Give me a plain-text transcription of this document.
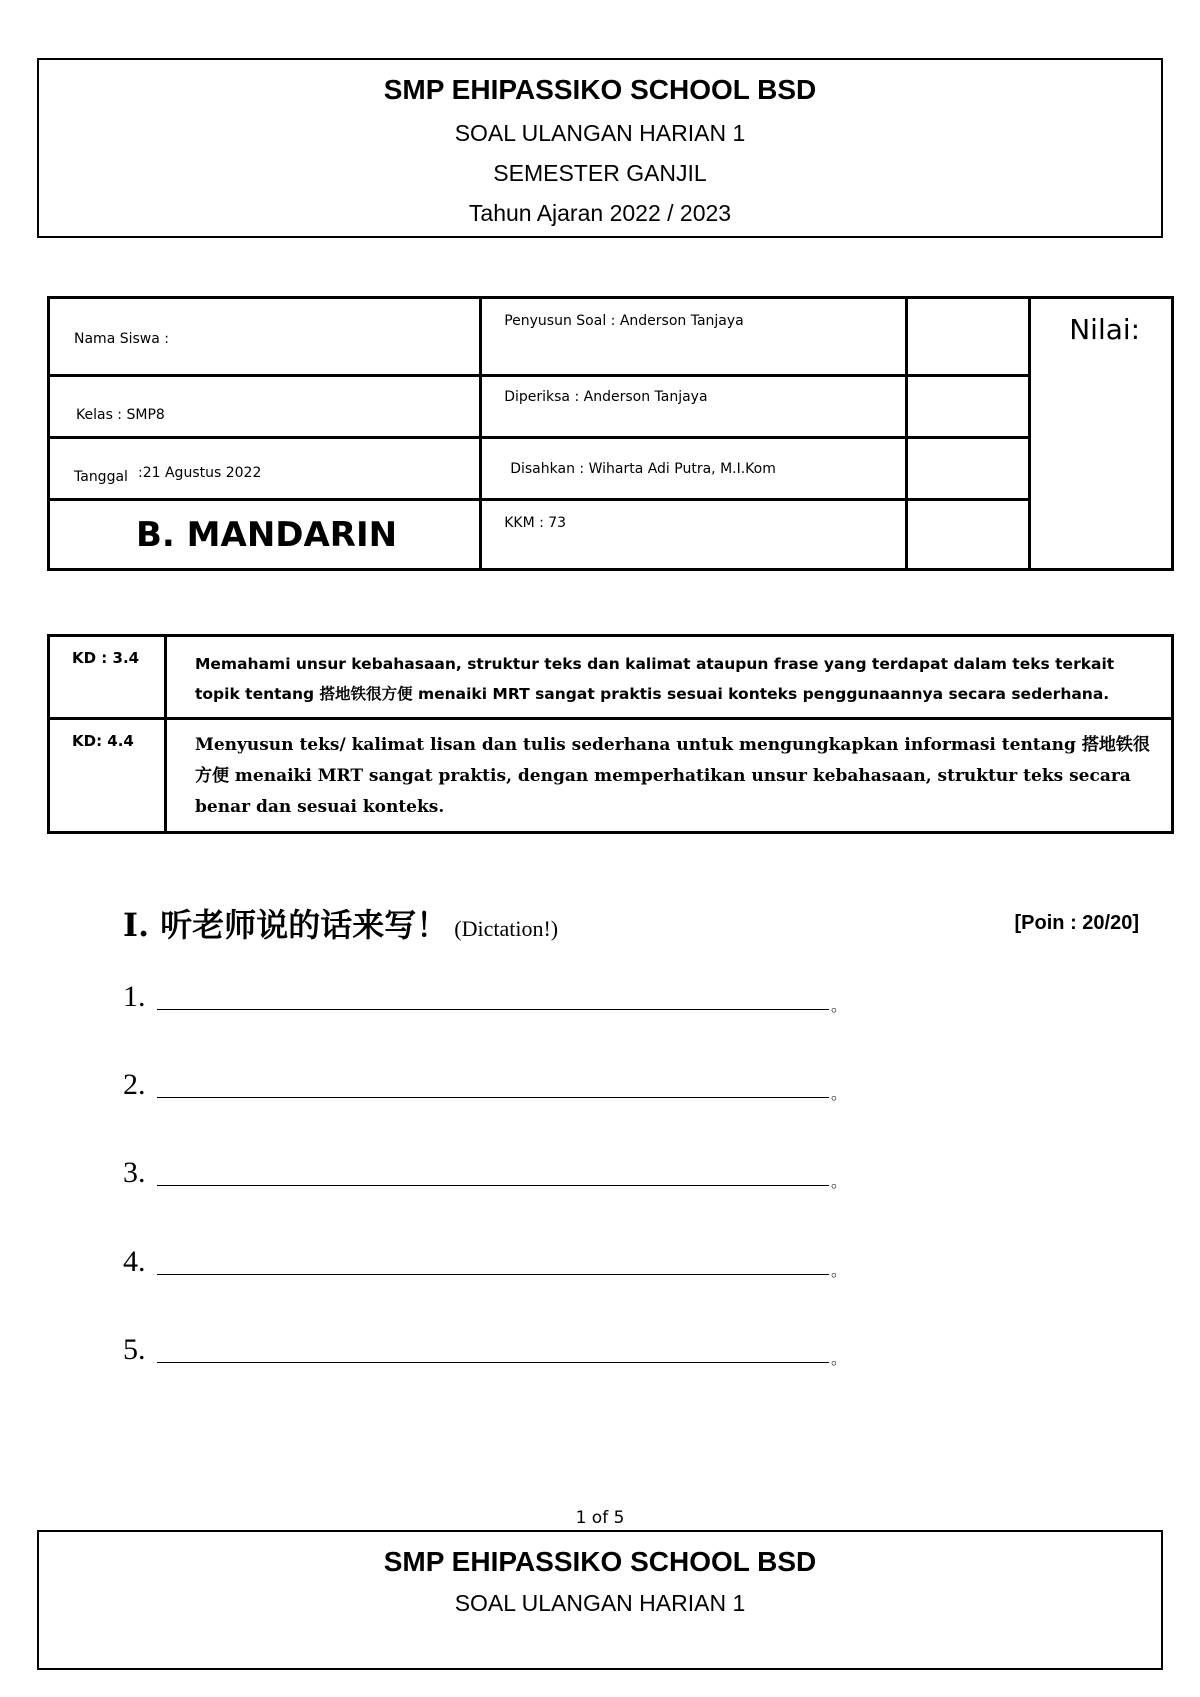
SMP EHIPASSIKO SCHOOL BSD
SOAL ULANGAN HARIAN 1
SEMESTER GANJIL
Tahun Ajaran 2022 / 2023
Nama Siswa :	Penyusun Soal : Anderson Tanjaya		Nilai:

Kelas : SMP8	Diperiksa : Anderson Tanjaya		

Tanggal :21 Agustus 2022	Disahkan : Wiharta Adi Putra, M.I.Kom		

B. MANDARIN	KKM : 73		

KD : 3.4	Memahami unsur kebahasaan, struktur teks dan kalimat ataupun frase yang terdapat dalam teks terkait topik tentang 搭地铁很方便 menaiki MRT sangat praktis sesuai konteks penggunaannya secara sederhana.

KD: 4.4	Menyusun teks/ kalimat lisan dan tulis sederhana untuk mengungkapkan informasi tentang 搭地铁很方便 menaiki MRT sangat praktis, dengan memperhatikan unsur kebahasaan, struktur teks secara benar dan sesuai konteks.
I. 听老师说的话来写！ (Dictation!)	[Poin : 20/20]
1.	。
2.	。
3.	。
4.	。
5.	。
1 of 5
SMP EHIPASSIKO SCHOOL BSD
SOAL ULANGAN HARIAN 1
